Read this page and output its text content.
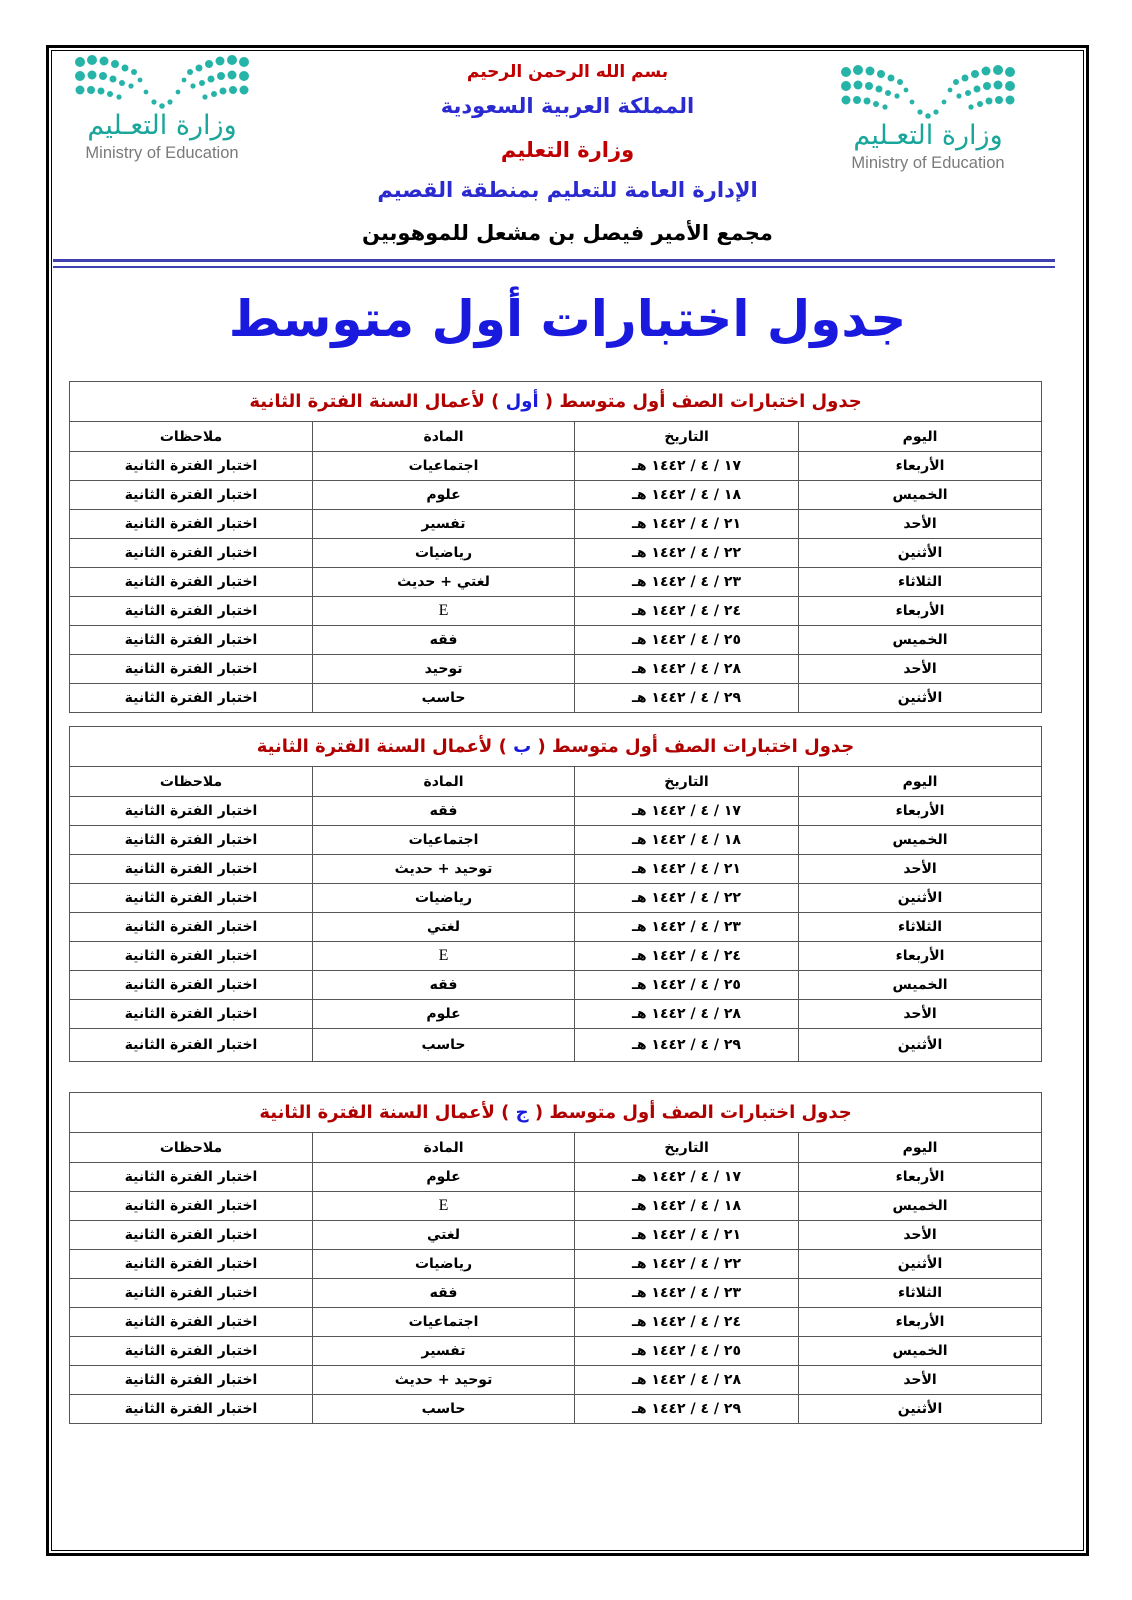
وزارة التعـليم
Ministry of Education
وزارة التعـليم
Ministry of Education
بسم الله الرحمن الرحيم
المملكة العربية السعودية
وزارة التعليم
الإدارة العامة للتعليم بمنطقة القصيم
مجمع الأمير فيصل بن مشعل للموهوبين
جدول اختبارات أول متوسط
جدول اختبارات الصف أول متوسط ( أول ) لأعمال السنة الفترة الثانية			
اليوم	التاريخ	المادة	ملاحظات
الأربعاء	١٧ / ٤ / ١٤٤٢ هـ	اجتماعيات	اختبار الفترة الثانية
الخميس	١٨ / ٤ / ١٤٤٢ هـ	علوم	اختبار الفترة الثانية
الأحد	٢١ / ٤ / ١٤٤٢ هـ	تفسير	اختبار الفترة الثانية
الأثنين	٢٢ / ٤ / ١٤٤٢ هـ	رياضيات	اختبار الفترة الثانية
الثلاثاء	٢٣ / ٤ / ١٤٤٢ هـ	لغتي + حديث	اختبار الفترة الثانية
الأربعاء	٢٤ / ٤ / ١٤٤٢ هـ	E	اختبار الفترة الثانية
الخميس	٢٥ / ٤ / ١٤٤٢ هـ	فقه	اختبار الفترة الثانية
الأحد	٢٨ / ٤ / ١٤٤٢ هـ	توحيد	اختبار الفترة الثانية
الأثنين	٢٩ / ٤ / ١٤٤٢ هـ	حاسب	اختبار الفترة الثانية
جدول اختبارات الصف أول متوسط ( ب ) لأعمال السنة الفترة الثانية			
اليوم	التاريخ	المادة	ملاحظات
الأربعاء	١٧ / ٤ / ١٤٤٢ هـ	فقه	اختبار الفترة الثانية
الخميس	١٨ / ٤ / ١٤٤٢ هـ	اجتماعيات	اختبار الفترة الثانية
الأحد	٢١ / ٤ / ١٤٤٢ هـ	توحيد + حديث	اختبار الفترة الثانية
الأثنين	٢٢ / ٤ / ١٤٤٢ هـ	رياضيات	اختبار الفترة الثانية
الثلاثاء	٢٣ / ٤ / ١٤٤٢ هـ	لغتي	اختبار الفترة الثانية
الأربعاء	٢٤ / ٤ / ١٤٤٢ هـ	E	اختبار الفترة الثانية
الخميس	٢٥ / ٤ / ١٤٤٢ هـ	فقه	اختبار الفترة الثانية
الأحد	٢٨ / ٤ / ١٤٤٢ هـ	علوم	اختبار الفترة الثانية
الأثنين	٢٩ / ٤ / ١٤٤٢ هـ	حاسب	اختبار الفترة الثانية
جدول اختبارات الصف أول متوسط ( ج ) لأعمال السنة الفترة الثانية			
اليوم	التاريخ	المادة	ملاحظات
الأربعاء	١٧ / ٤ / ١٤٤٢ هـ	علوم	اختبار الفترة الثانية
الخميس	١٨ / ٤ / ١٤٤٢ هـ	E	اختبار الفترة الثانية
الأحد	٢١ / ٤ / ١٤٤٢ هـ	لغتي	اختبار الفترة الثانية
الأثنين	٢٢ / ٤ / ١٤٤٢ هـ	رياضيات	اختبار الفترة الثانية
الثلاثاء	٢٣ / ٤ / ١٤٤٢ هـ	فقه	اختبار الفترة الثانية
الأربعاء	٢٤ / ٤ / ١٤٤٢ هـ	اجتماعيات	اختبار الفترة الثانية
الخميس	٢٥ / ٤ / ١٤٤٢ هـ	تفسير	اختبار الفترة الثانية
الأحد	٢٨ / ٤ / ١٤٤٢ هـ	توحيد + حديث	اختبار الفترة الثانية
الأثنين	٢٩ / ٤ / ١٤٤٢ هـ	حاسب	اختبار الفترة الثانية
